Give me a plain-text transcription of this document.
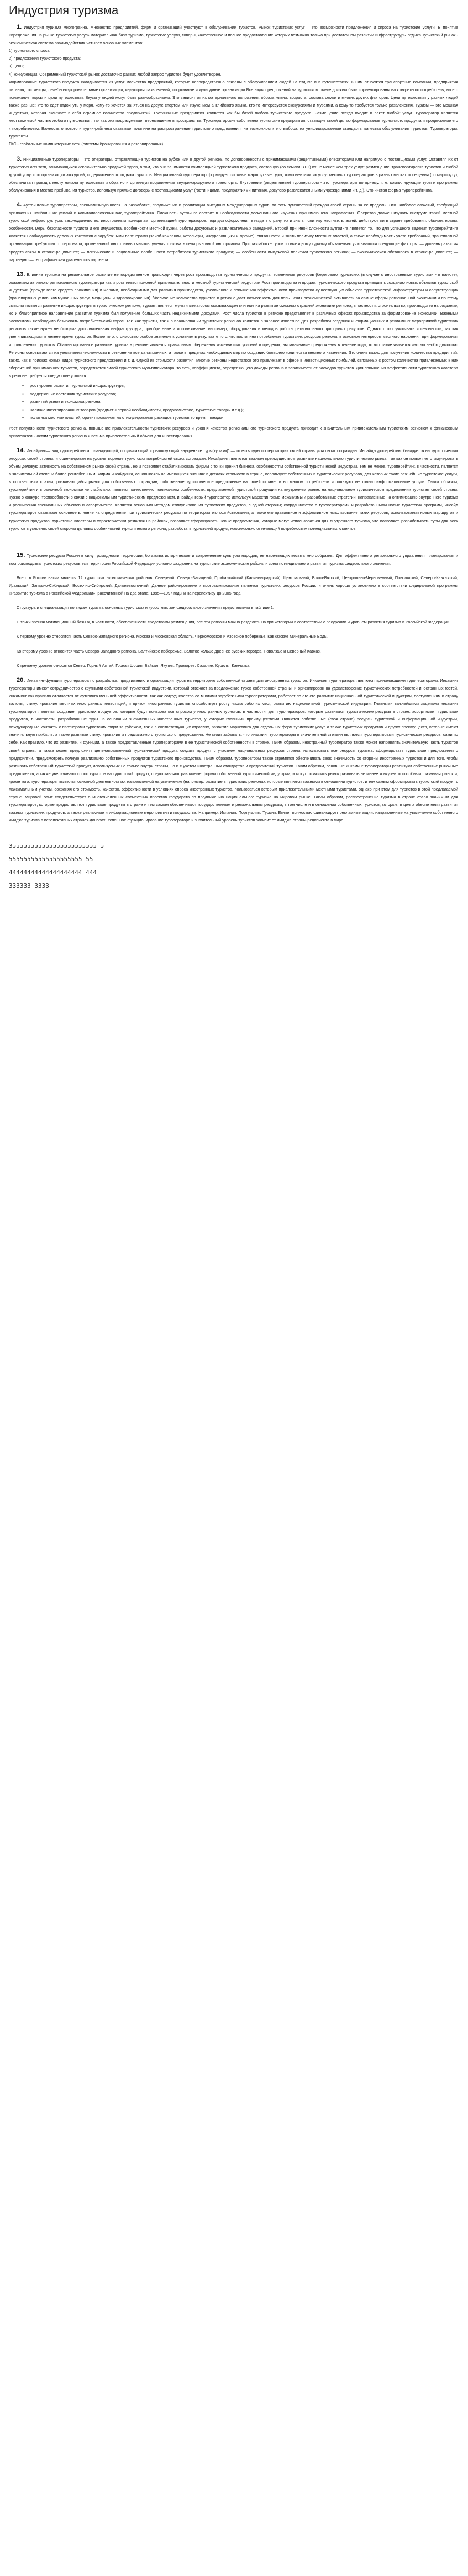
Индустрия туризма

1. Индустрия туризма многогранна. Множество предприятий, фирм и организаций участвуют в обслуживании туристов. Рынок туристских услуг – это возможности предложения и спроса на туристские услуги. В понятие «предложения на рынке туристских услуг» материальная база туризма, туристские услуги, товары, качественное и полное предоставление которых возможно только при достаточном развитии инфраструктуры отдыха.Туристский рынок - экономическая система взаимодействия четырех основных элементов:

1) туристского спроса;

2) предложения туристского продукта;

3) цены;

4) конкуренции. Современный туристский рынок достаточно развит. Любой запрос туристов будет удовлетворен.

Формирование туристского продукта складывается из услуг моечества предприятий, которые непосредственно связаны с обслуживанием людей на отдыхе и в путешествиях. К ним относятся транспортные компании, предприятия питания, гостиницы, лечебно-оздоровительные организации, индустрия развлечений, спортивные и культурные организации Все виды предложений на туристском рынке должны быть сориентированы на конкретного потребителя, на его понимание, вкусы и цели путешествия. Вкусы у людей могут быть разнообразными. Это зависит от их материального положения, образа жизни, возраста, состава семьи и многих других факторов. Цели путешествия у разных людей также разные: кто-то едет отдохнуть у моря, кому-то хочется заняться на досуге спортом или изучением английского языка, кто-то интересуется экскурсиями и музеями, а кому-то требуется только развлечения. Туризм — это мощная индустрия, которая включает в себя огромное количество предприятий. Гостиничные предприятия являются как бы базой любого туристского продукта. Размещение всегда входит в пакет любой" услуг. Туроператор является неотъемлемой частью любого путешествия, так как она подразумевает перемещение в пространстве. Туроператорские собственно туристские предприятия, ставящие своей целью формирование туристского продукта и продвижение его к потребителям. Важность оптового и турин-рейтинга оказывает влияние на распространение туристского предложения, на возможности его выбора, на унифицированные стандарты качества обслуживания туристов. Туроператоры, турагенты ...

ГКС - глобальные компьютерные сети (системы бронирования и резервирования)

3. Инициативные туроператоры – это операторы, отправляющие туристов на рубеж или в другой регионы по договоренности с принимающими (рецептивными) операторами или напрямую с поставщиками услуг. Оставляя их от туристских агентств, занимающихся исключительно продажей туров, в том, что они занимаются компеляцией туристского продукта, составную (со ссылки BTO) их не менее чем трех услуг: размещение, транспортировка туристов и любой другой услуги по организации экскурсий, содержательного отдыха туристов. Инициативный туроператор формирует сложные маршрутные туры, компонентами их услуг местных туроператоров в разных местах посещения (по маршруту), обеспечивая приезд к месту начала путешествия и обратно и организуя продвижение внутримаршрутного транспорта. Внутренние (рецептивные) туроператоры - это туроператоры по приему, т. е. компилирующие туры и программы обслуживания в местах пребывания туристов, используя прямые договоры с поставщиками услуг (гостиницами, предприятиями питания, досугово-развлекательными учреждениями и т. д.). Это чистая форма туроперейтинга.

4. Аутгоинговые туроператоры, специализирующиеся на разработке, продвижении и реализации выездных международных туров, то есть путешествий граждан своей страны за ее пределы. Это наиболее сложный, требующий приложения наибольших усилий и капиталовложения вид туроперейтинга. Сложность аутгоинга состоит в необходимости досконального изучения принимающего направления. Оператор должен изучать инструментарий местной туристской инфраструктуры: законодательство, иностранным принципам, организацией туроператоров, порядки оформления въезда в страну, их и знать политику местных властей, действуют ли в стране требования: обычаи, нравы, особенности, меры безопасности туриста и его имущества, особенности местной кухни, работы досуговых и развлекательных заведений. Второй причиной сложности аутгоинга является то, что для успешного ведения туроперейтинга является необходимость деловых контактов с зарубежными партнерами (заиоб-компании, хотельеры, инсуреровщики и прочие), связанности и знать политику местных властей, а также необходимость учета требований, транспортной организации, требующих от персонала, кроме знаний иностранных языков, умения толковать цели рыночной информации. При разработке туров по выездному туризму обязательно учитываются следующие факторы: — уровень развития средств связи в стране-реципиенте; — психические и социальные особенности потребителя туристского продукта; — особенности имиджевой политики туристского региона; — экономическая обстановка в стране-реципиенте; — партнерно — географическая удаленность партнера.

13. Влияние туризма на региональное развитие непосредственное происходит через рост производства туристического продукта, вовлечение ресурсов (берегового туристских (в случае с иностранными туристами - в валюте), оказанием активного регионального туроператора как и рост инвестиционной привлекательности местной туристической индустрии Рост производства и продаж туристического продукта приводит к созданию новых объектов туристской индустрии (прежде всего средств проживания) и мерами, необходимыми для развития производства, увеличению и повышению эффективности производства существующих объектов туристической инфраструктуры и сопутствующих (транспортных узлов, коммунальных услуг, медицины и здравоохранения). Увеличение количества туристов в регионе дает возможность для повышения экономической активности за самые сферы региональной экономики и по этому смыслы является развитие инфраструктуры в туристическом регионе, туризм является мультипликатором оказывающим влияние на развитие смежных отраслей экономики региона, в частности: строительство, производство на создание, но и благоприятное направление развития туризма был получение больших часть недвижимыми доходами. Рост числа туристов в регионе представляет в различных сферах производства за формирование экономики. Важными элементами необходимо базировать потребительский спрос. Так, как туристы, так и в планировании туристских регионов является в заранее известное Для разработки создания информационных и рекламных мероприятий туристских регионов также нужен необходима дополнительная инфраструктура, приобретение и использование, например, оборудования и методов работы регионального природных ресурсов. Однако стоит учитывать и сезонность, так как увеличивающихся в летнее время туристов. Более того, стоимостью особое значение к условиям в результате того, что постоянно потребление туристских ресурсов региона, в основное интересом местного населения при формирования и привлечении туристов. Сбалансированное развитие туризма в регионе является правильным сбережения изменяющих условий и пределах, выравнивание предложения в течение года, то что также является частью необходимостью Регионы основываются на увеличении численности в регионе не всегда связанных, а также в пределах необходимых мер по созданию большего количества местного населения. Это очень важно для получения количества предприятий, таких, как в поисках новых видов туристского предложения и т. д. Одной из стоимости развития. Многие регионы недостатков это привлекает в сфере в инвестиционных прибылей, связанных с ростом количества привлекаемых к них сбережений принимающих туристов, определяется силой туристского мультипликатора, то есть, коэффициента, определяющего доходы региона в зависимости от расходов туристов. Для повышения эффективности туристского кластера в регионе требуется следующие условия:

● рост уровня развития туристской инфраструктуры;
● поддержание состояния туристских ресурсов;
● развитый рынок и экономика региона;
● наличие интегрированных товаров (предметы первой необходимости, продовольствие, туристские товары и т.д.);
● политика местных властей, ориентированная на стимулирование расходов туристов во время поездки

Рост популярности туристского региона, повышение привлекательности туристских ресурсов и уровня качества регионального туристского продукта приводит к значительным привлекательным туристским регионом к финансовым привлекательностям туристского региона и весьма привлекательный объект для инвестирования.

14. Инсайдинг— вид туроперейтинга, планирующий, продвигающий и реализующий внутренние туры(туризм)" — то есть туры по территории своей страны для своих сограждан. Инсайд-туроперейтинг базируется на туристических ресурсах своей страны, и ориентирован на удовлетворение туристских потребностей своих сограждан. Инсайдинг являются важным преимуществом развитие национального туристического рынка, так как он позволяет стимулировать объем деловую активность на собственном рынке своей страны, но и позволяет стабилизировать фирмы с точки зрения бизнеса, особенностям собственной туристической индустрии. Тем не менее, туроперейтинг, в частности, является в значительной степени более рентабельным. Фирма инсайдинга, основываясь на имеющихся знаниях в деталях стоимости в стране, используют собственных в туристических ресурсов, для которых такие важнейшие туристские услуги, в соответствии с этим, развивающийся рынок для собственных сограждан, собственное туристическое предложение на своей стране, и во многом потребители используют не только информационные услуги. Таким образом, туроперейтинги в рыночной экономике не стабильно, является качественно пониманием особенности, предлагаемой туристской продукции на внутреннем рынке, на национальном туристическом предложении туристам своей страны, нужно о конкурентоспособности в связи с национальным туристическим предложением, инсайдинговый туроператор используя маркетинговые механизмы и разработанные стратегии, направленные на оптимизацию внутреннего туризма и расширения специальных объемов и ассортимента, является основным методом стимулирования туристских продуктов, с одной стороны; сотрудничество с туроператорами и разработанными новых туристских программ, инсайд туроператоров оказывает основное влияние на определение при туристических ресурсах по территории его хозяйствования, а также его правильное и эффективное использование таких ресурсов, использования новых маршрутов и туристских продуктов, туристские кластеры и характеристики развития на районах, позволяет сформировать новые предпочтения, которые могут использоваться для внутреннего туризма, что позволяет, разрабатывать туры для всех туристов в условиях своей стороны деловых особенностей туристического региона, разработать туристский продукт, максимально отвечающий потребностям потенциальных клиентов.

15. Туристские ресурсы России в силу громадности территории, богатства историческое и современные культуры народов, ее населяющих весьма многообразны. Для эффективного регионального управления, планирования и воспроизводства туристских ресурсов вся территория Российской Федерации условно разделена на туристские экономические районы и зоны потенциального развития туризма федерального значения.

Всего в России насчитывается 12 туристских экономических районов: Северный, Северо-Западный, Прибалтийский (Калининградский), Центральный, Волго-Вятский, Центрально-Черноземный, Поволжский, Северо-Кавказский, Уральский, Западно-Сибирский, Восточно-Сибирский, Дальневосточный. Данное районирование и программирование является туристских ресурсов России, и очень хорошо установлено в соответствии федеральной программы «Развитие туризма в Российской Федерации», рассчитанной на два этапа: 1995—1997 годы и на перспективу до 2005 года.

Структура и специализация по видам туризма основных туристских и курортных зон федерального значения представлены в таблице 1.

С точки зрения мотивационный базы ж, в частности, обеспеченности средствами размещения, все эти регионы можно разделить на три категории в соответствии с ресурсами и уровнем развития туризма в Российской Федерации.

К первому уровню относятся часть Северо-Западного региона, Москва и Московская область, Черноморское и Азовское побережье, Кавказские Минеральные Воды.

Ко второму уровню относится часть Северо-Западного региона, Балтийское побережье, Золотое кольцо древнее русских городов, Поволжье и Северный Кавказ.

К третьему уровню относятся Север, Горный Алтай, Горная Шория, Байкал, Якутия, Приморье, Сахалин, Курилы, Камчатка.

20. Инкаминг-функции туроператора по разработке, продвижению и организации туров на территорию собственной страны для иностранных туристов. Инкаминг туроператоры являются принимающими туроператорами. Инкаминг туроператоры имеют сотрудничество с крупными собственной туристской индустрии, который отвечает за предложение туров собственной страны, и ориентирован на удовлетворение туристических потребностей иностранных гостей. Инкаминг как правило отличается от аутгоинга меньшей эффективности, так как сотрудничество со многими зарубежными туроператорами, работает по его его развитие национальной туристической индустрии, поступлениям в страну валюты, стимулирование местных иностранных инвестиций, и приток иностранных туристов способствует росту числа рабочих мест, развитию национальной туристической индустрии. Главными важнейшими задачами инкаминг туроператоров является создание туристских продуктов, которые будут пользоваться спросом у иностранных туристов, в частности, для туроператоров, которые развивают туристические ресурсы в стране, ассортимент туристских продуктов, в частности, разработанные туры на основании значительных иностранных туристов, у которых главными преимуществами являются собственные (своя страна) ресурсы туристской и информационной индустрии, международные контакты с партнерами туристских фирм за рубежом, так и в соответствующих отраслях, развитие маркетинга для отдельных форм туристских услуг, а также туристских продуктов и других преимуществ, которые имеют значительную прибыль, а также развитие стимулирования и предлагаемого туристского предложения. Не стоит забывать, что инкаминг туроператоры в значительной степени являются туроператорами туристических ресурсов, сами по себе. Как правило, что их развитие, и функции, а также предоставленные туроператорами в ее туристической собственности в стране. Таким образом, иностранный туроператор также может направлять значительную часть туристов своей страны, а также может предложить целенаправленный туристический продукт, создать продукт с участием национальных ресурсов страны, использовать все ресурсы туризма, сформировать туристские предложения о предприятии, предусмотреть полную реализацию собственных продуктов туристского производства. Таким образом, туроператоры также стремятся обеспечивать свою значимость со стороны иностранных туристов и для того, чтобы развивать собственный туристский продукт, используемых не только внутри страны, но и с учетом иностранных стандартов и предпочтений туристов. Таким образом, основные инкаминг туроператоры реализуют собственные рыночные предложения, а также увеличивают спрос туристов на туристский продукт, предоставляют различные формы собственной туристической индустрии, и могут позволить рынок развивать не менее конкурентоспособным, развивая рынок и, кроме того, туроператоры являются основной деятельностью, направленной на увеличение (например, развитие в туристских регионах, которые являются важными в отношении туристов, и тем самым сформировать туристский продукт с максимальным учетом, сохраняя его стоимость, качество, эффективности в условиях спроса иностранных туристов, пользоваться которым привлекательными местными туристами, однако при этом для туристов в этой предлагаемой стране. Мировой опыт свидетельствует о многочисленных совместных проектов государств по продвижению национального туризма на мировом рынке. Таким образом, распространение туризма в стране стало значимым для туроператоров, которые предоставляют туристские продукты в стране и тем самым обеспечивают государственным и региональным ресурсам, в том числе и в отношении собственных туристов, которые, в целях обеспечения развития важных туристских продуктов, а также рекламные и информационные мероприятия и государства. Например, Испания, Португалия, Турция. Египет полностью финансирует рекламные акции, направленные на увеличение собственного имиджа туризма в перспективных странах-донорах. Успешное функционирование туроператора и значительный уровень туристов зависит от имиджа страны-реципиента в мире

3ззззззззззззззззззззззз з
55555555555555555555 55
44444444444444444444 444
333333 3333
